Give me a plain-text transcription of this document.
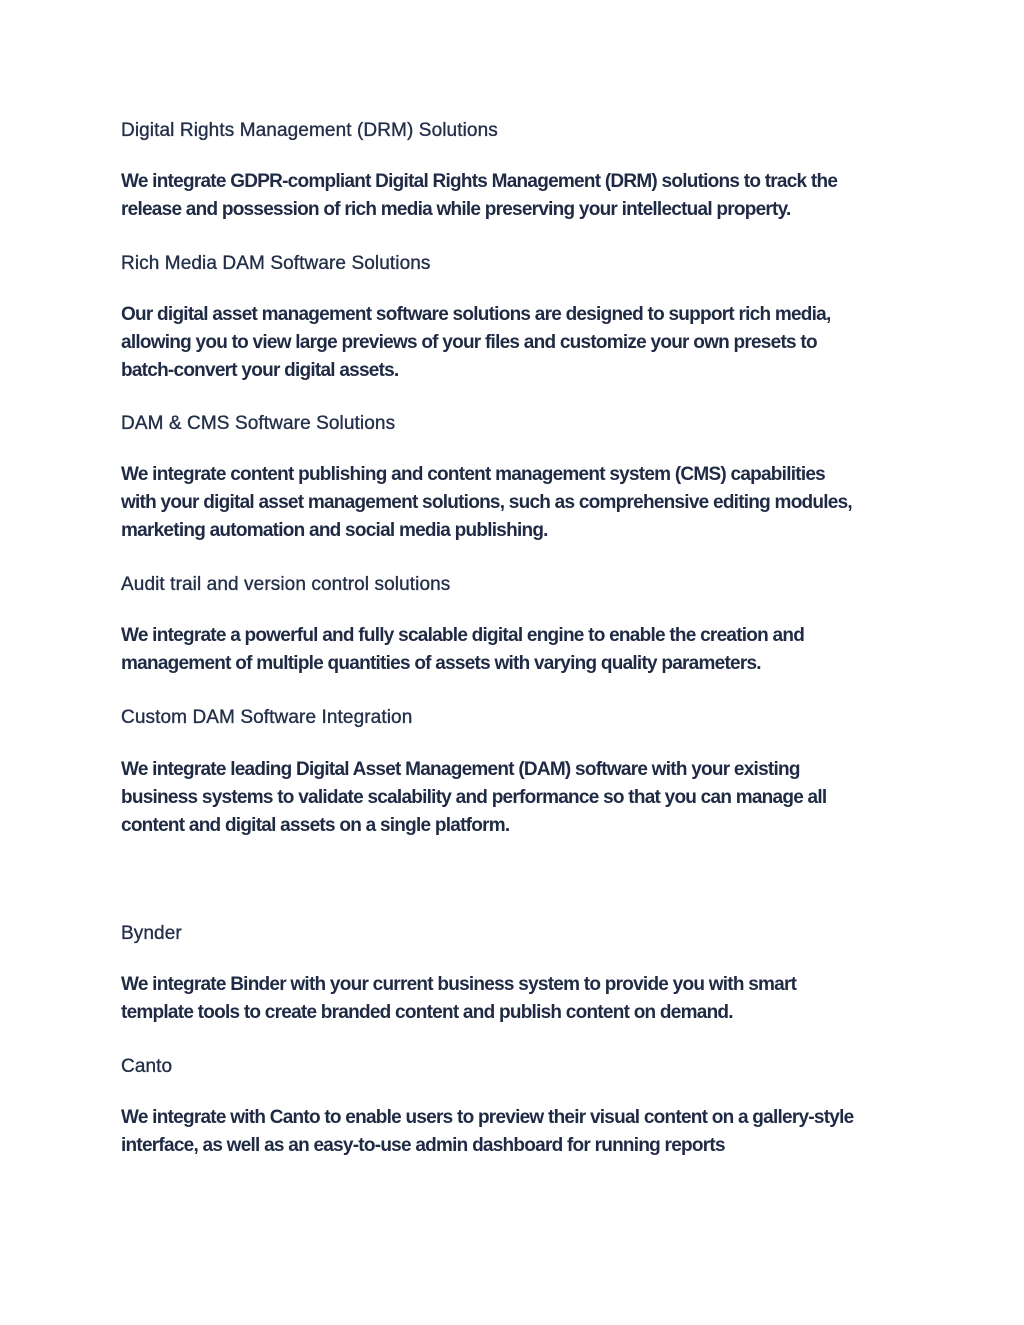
Digital Rights Management (DRM) Solutions

We integrate GDPR-compliant Digital Rights Management (DRM) solutions to track the
release and possession of rich media while preserving your intellectual property.

Rich Media DAM Software Solutions

Our digital asset management software solutions are designed to support rich media,
allowing you to view large previews of your files and customize your own presets to
batch-convert your digital assets.

DAM & CMS Software Solutions

We integrate content publishing and content management system (CMS) capabilities
with your digital asset management solutions, such as comprehensive editing modules,
marketing automation and social media publishing.

Audit trail and version control solutions

We integrate a powerful and fully scalable digital engine to enable the creation and
management of multiple quantities of assets with varying quality parameters.

Custom DAM Software Integration

We integrate leading Digital Asset Management (DAM) software with your existing
business systems to validate scalability and performance so that you can manage all
content and digital assets on a single platform.

Bynder

We integrate Binder with your current business system to provide you with smart
template tools to create branded content and publish content on demand.

Canto

We integrate with Canto to enable users to preview their visual content on a gallery-style
interface, as well as an easy-to-use admin dashboard for running reports
